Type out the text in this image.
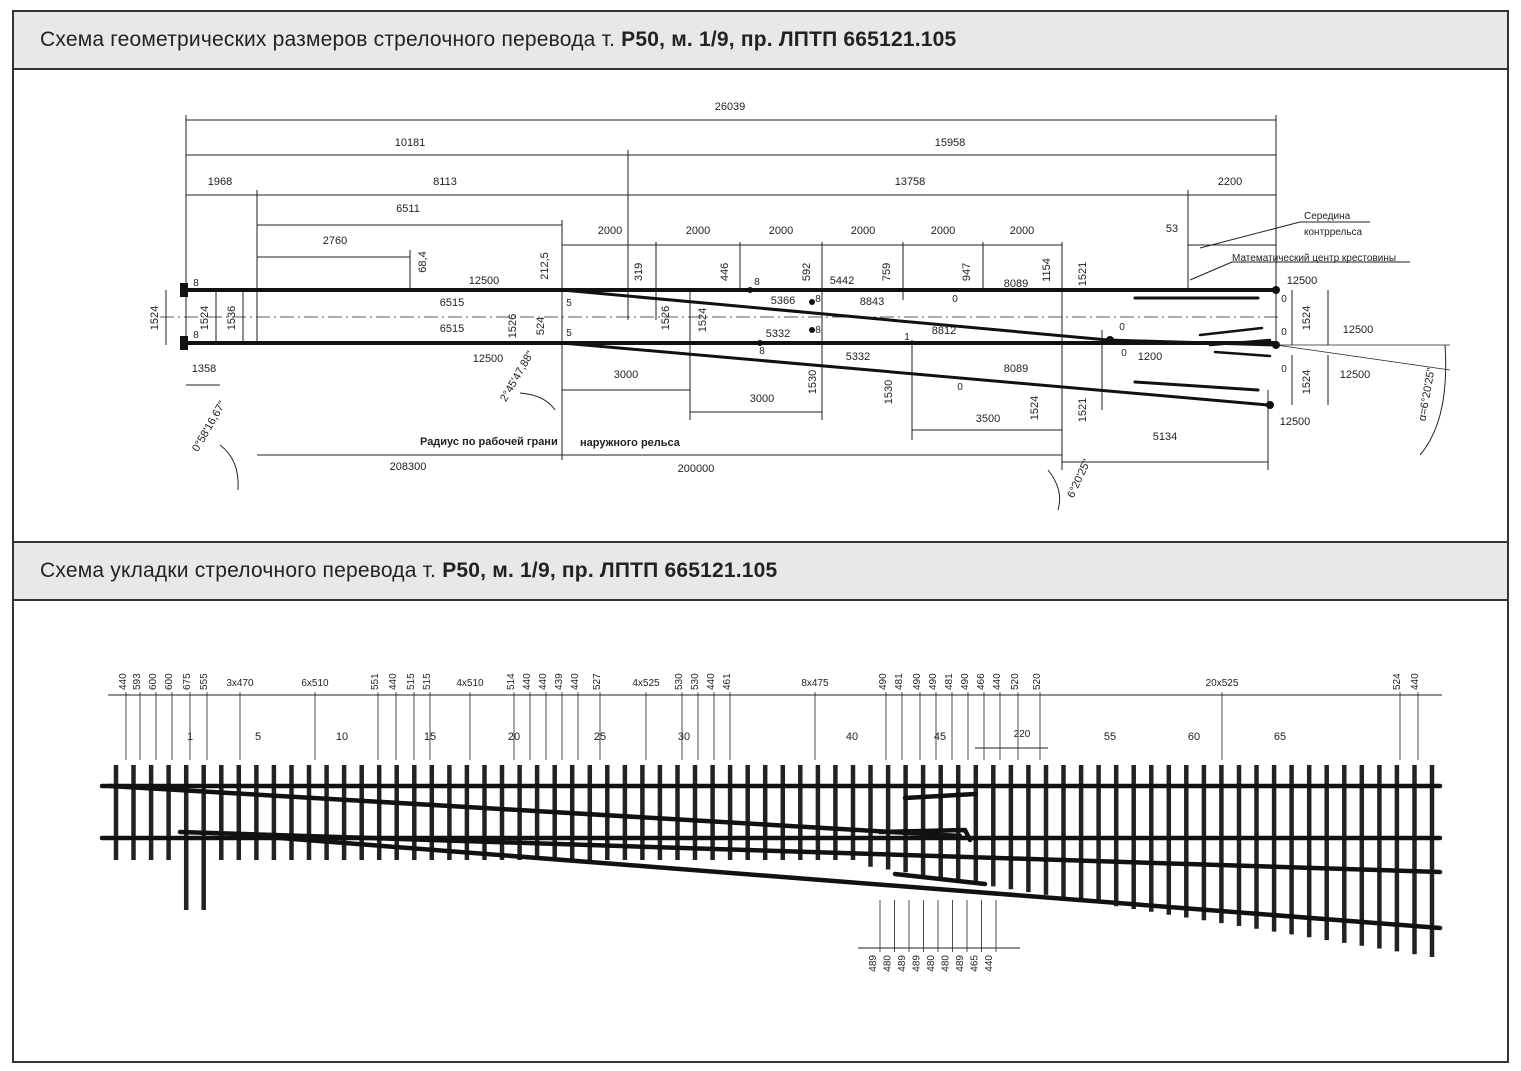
Схема геометрических размеров стрелочного перевода т. Р50, м. 1/9, пр. ЛПТП 665121.105
Схема укладки стрелочного перевода т. Р50, м. 1/9, пр. ЛПТП 665121.105
26039
10181	15958
1968	8113	13758	2200
6511
2760
2000	2000	2000	2000	2000	2000	53
12500
6515
6515
12500
12500
12500
12500
12500
5366	8843
8089
8089
5332
5332
8812
1200
5442
1358	3000
3000
3500
5134
208300	200000
1524	1524 1536	1524
1524
68,4	212,5	319	446	592	759	947	1154 1521
1521
1526	1526
524	1524
1524
1530	1530
0°58'16,67"
2°45'47,88"
6°20'25"
α=6°20'25"
8
8
8
8
8
8
5
5
0
0
0
0
0
0
0
1
Середина
контррельса
Математический центр крестовины
Радиус по рабочей грани наружного рельса
440 593 600 600 675 555 3х470	6х510	551 440 515 515 4х510 514 440 440 439 440 527	4х525 530 530 440 461	8х475	490 481 490 490 481 490 466 440 520 520	20х525	524 440
1	5	10	15	20	25	30	40	45	55	60	65
489 480 489 489 480 480 489 465 440
220
